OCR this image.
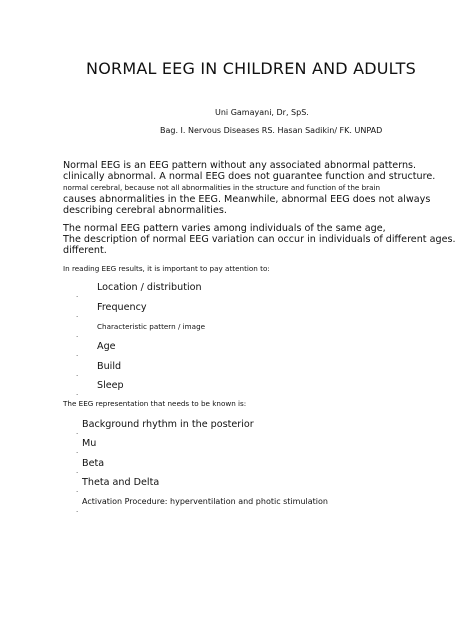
NORMAL EEG IN CHILDREN AND ADULTS
Uni Gamayani, Dr, SpS.
Bag. I. Nervous Diseases RS. Hasan Sadikin/ FK. UNPAD
Normal EEG is an EEG pattern without any associated abnormal patterns.
clinically abnormal. A normal EEG does not guarantee function and structure.
normal cerebral, because not all abnormalities in the structure and function of the brain
causes abnormalities in the EEG. Meanwhile, abnormal EEG does not always
describing cerebral abnormalities.
The normal EEG pattern varies among individuals of the same age,
The description of normal EEG variation can occur in individuals of different ages.
different.
In reading EEG results, it is important to pay attention to:
.
Location / distribution
.
Frequency
.
Characteristic pattern / image
.
Age
.
Build
.
Sleep
The EEG representation that needs to be known is:
.
Background rhythm in the posterior
.
Mu
.
Beta
.
Theta and Delta
.
Activation Procedure: hyperventilation and photic stimulation
